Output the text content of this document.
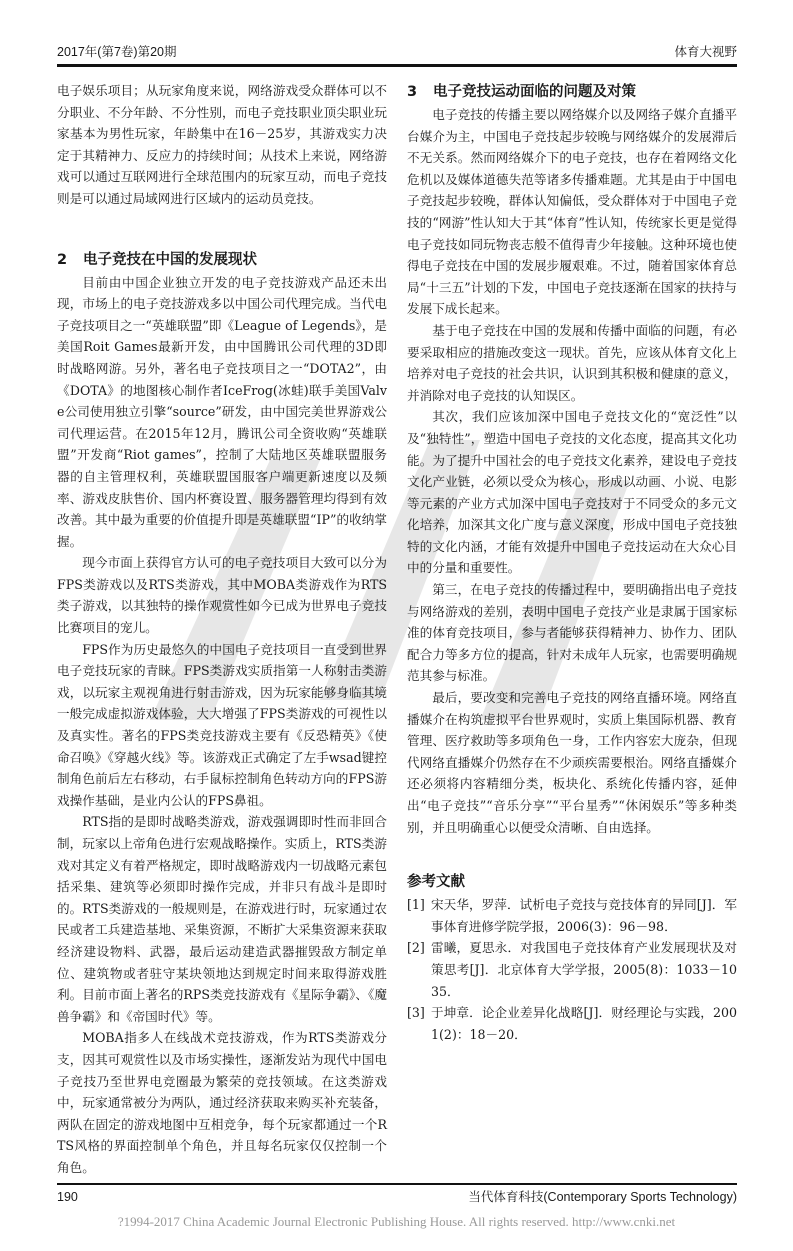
2017年(第7卷)第20期	体育大视野

电子娱乐项目；从玩家角度来说，网络游戏受众群体可以不分职业、不分年龄、不分性别，而电子竞技职业顶尖职业玩家基本为男性玩家，年龄集中在16－25岁，其游戏实力决定于其精神力、反应力的持续时间；从技术上来说，网络游戏可以通过互联网进行全球范围内的玩家互动，而电子竞技则是可以通过局域网进行区域内的运动员竞技。

2 电子竞技在中国的发展现状

目前由中国企业独立开发的电子竞技游戏产品还未出现，市场上的电子竞技游戏多以中国公司代理完成。当代电子竞技项目之一“英雄联盟”即《League of Legends》，是美国Roit Games最新开发，由中国腾讯公司代理的3D即时战略网游。另外，著名电子竞技项目之一“DOTA2”，由《DOTA》的地图核心制作者IceFrog(冰蛙)联手美国Valve公司使用独立引擎“source”研发，由中国完美世界游戏公司代理运营。在2015年12月，腾讯公司全资收购“英雄联盟”开发商“Riot games”，控制了大陆地区英雄联盟服务器的自主管理权利，英雄联盟国服客户端更新速度以及频率、游戏皮肤售价、国内杯赛设置、服务器管理均得到有效改善。其中最为重要的价值提升即是英雄联盟“IP”的收纳掌握。

现今市面上获得官方认可的电子竞技项目大致可以分为FPS类游戏以及RTS类游戏，其中MOBA类游戏作为RTS类子游戏，以其独特的操作观赏性如今已成为世界电子竞技比赛项目的宠儿。

FPS作为历史最悠久的中国电子竞技项目一直受到世界电子竞技玩家的青睐。FPS类游戏实质指第一人称射击类游戏，以玩家主观视角进行射击游戏，因为玩家能够身临其境一般完成虚拟游戏体验，大大增强了FPS类游戏的可视性以及真实性。著名的FPS类竞技游戏主要有《反恐精英》《使命召唤》《穿越火线》等。该游戏正式确定了左手wsad键控制角色前后左右移动，右手鼠标控制角色转动方向的FPS游戏操作基础，是业内公认的FPS鼻祖。

RTS指的是即时战略类游戏，游戏强调即时性而非回合制，玩家以上帝角色进行宏观战略操作。实质上，RTS类游戏对其定义有着严格规定，即时战略游戏内一切战略元素包括采集、建筑等必须即时操作完成，并非只有战斗是即时的。RTS类游戏的一般规则是，在游戏进行时，玩家通过农民或者工兵建造基地、采集资源，不断扩大采集资源来获取经济建设物料、武器，最后运动建造武器摧毁敌方制定单位、建筑物或者驻守某块领地达到规定时间来取得游戏胜利。目前市面上著名的RPS类竞技游戏有《星际争霸》、《魔兽争霸》和《帝国时代》等。

MOBA指多人在线战术竞技游戏，作为RTS类游戏分支，因其可观赏性以及市场实操性，逐渐发站为现代中国电子竞技乃至世界电竞圈最为繁荣的竞技领域。在这类游戏中，玩家通常被分为两队，通过经济获取来购买补充装备，两队在固定的游戏地图中互相竞争，每个玩家都通过一个RTS风格的界面控制单个角色，并且每名玩家仅仅控制一个角色。

3 电子竞技运动面临的问题及对策

电子竞技的传播主要以网络媒介以及网络子媒介直播平台媒介为主，中国电子竞技起步较晚与网络媒介的发展滞后不无关系。然而网络媒介下的电子竞技，也存在着网络文化危机以及媒体道德失范等诸多传播难题。尤其是由于中国电子竞技起步较晚，群体认知偏低，受众群体对于中国电子竞技的“网游”性认知大于其“体育”性认知，传统家长更是觉得电子竞技如同玩物丧志般不值得青少年接触。这种环境也使得电子竞技在中国的发展步履艰难。不过，随着国家体育总局“十三五”计划的下发，中国电子竞技逐渐在国家的扶持与发展下成长起来。

基于电子竞技在中国的发展和传播中面临的问题，有必要采取相应的措施改变这一现状。首先，应该从体育文化上培养对电子竞技的社会共识，认识到其积极和健康的意义，并消除对电子竞技的认知误区。

其次，我们应该加深中国电子竞技文化的“宽泛性”以及“独特性”，塑造中国电子竞技的文化态度，提高其文化功能。为了提升中国社会的电子竞技文化素养，建设电子竞技文化产业链，必须以受众为核心，形成以动画、小说、电影等元素的产业方式加深中国电子竞技对于不同受众的多元文化培养，加深其文化广度与意义深度，形成中国电子竞技独特的文化内涵，才能有效提升中国电子竞技运动在大众心目中的分量和重要性。

第三，在电子竞技的传播过程中，要明确指出电子竞技与网络游戏的差别，表明中国电子竞技产业是隶属于国家标准的体育竞技项目，参与者能够获得精神力、协作力、团队配合力等多方位的提高，针对未成年人玩家，也需要明确规范其参与标准。

最后，要改变和完善电子竞技的网络直播环境。网络直播媒介在构筑虚拟平台世界观时，实质上集国际机器、教育管理、医疗救助等多项角色一身，工作内容宏大庞杂，但现代网络直播媒介仍然存在不少顽疾需要根治。网络直播媒介还必须将内容精细分类，板块化、系统化传播内容，延伸出“电子竞技”“音乐分享”“平台星秀”“休闲娱乐”等多种类别，并且明确重心以便受众清晰、自由选择。

参考文献
[1] 宋天华，罗萍．试析电子竞技与竞技体育的异同[J]．军事体育进修学院学报，2006(3)：96－98．
[2] 雷曦，夏思永．对我国电子竞技体育产业发展现状及对策思考[J]．北京体育大学学报，2005(8)：1033－1035．
[3] 于坤章．论企业差异化战略[J]．财经理论与实践，2001(2)：18－20．
190	当代体育科技(Contemporary Sports Technology)
?1994-2017 China Academic Journal Electronic Publishing House. All rights reserved. http://www.cnki.net
